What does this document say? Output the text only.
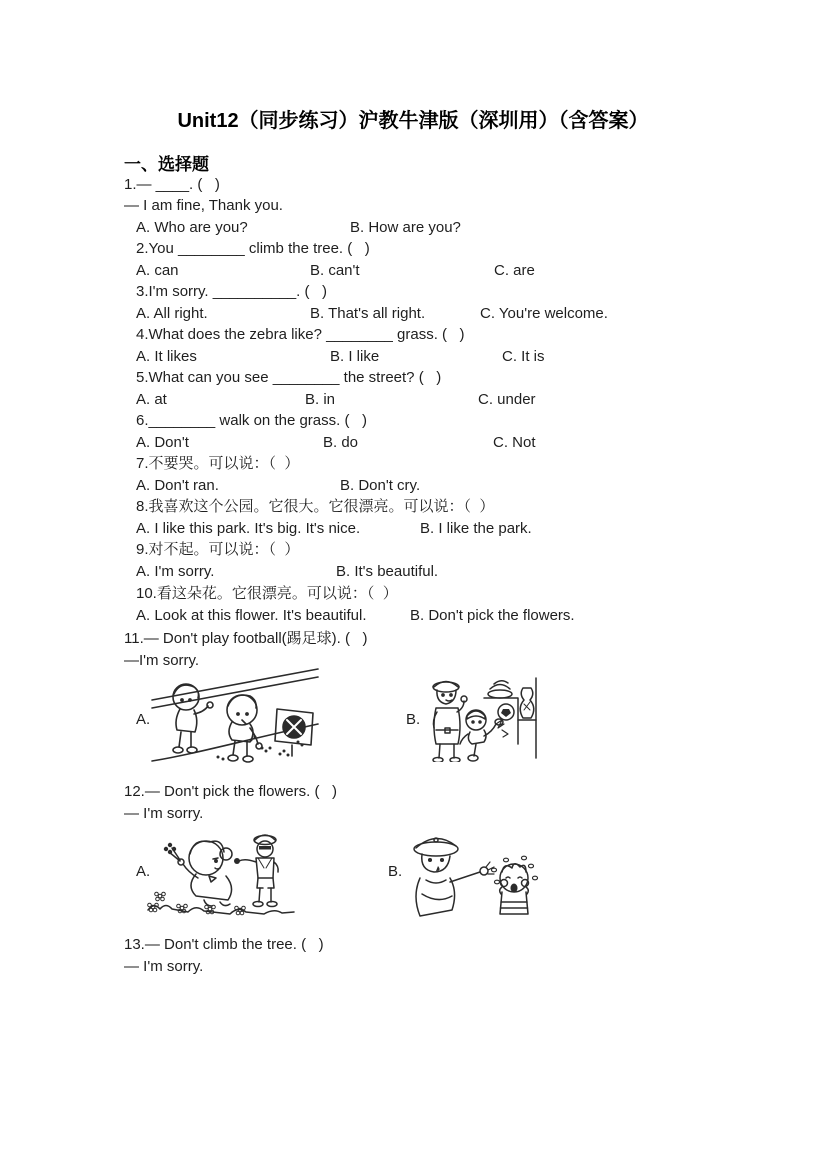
Unit12（同步练习）沪教牛津版（深圳用）（含答案）
一、选择题
1.— ____. (   )
— I am fine, Thank you.
A. Who are you?	B. How are you?
2.You ________ climb the tree. (   )
A. can	B. can't	C. are
3.I'm sorry. __________. (   )
A. All right.	B. That's all right.	C. You're welcome.
4.What does the zebra like? ________ grass. (   )
A. It likes	B. I like	C. It is
5.What can you see ________ the street? (   )
A. at	B. in	C. under
6.________ walk on the grass. (   )
A. Don't	B. do	C. Not
7.不要哭。可以说：（  ）
A. Don't ran.	B. Don't cry.
8.我喜欢这个公园。它很大。它很漂亮。可以说：（  ）
A. I like this park. It's big. It's nice.	B. I like the park.
9.对不起。可以说：（  ）
A. I'm sorry.	B. It's beautiful.
10.看这朵花。它很漂亮。可以说：（  ）
A. Look at this flower. It's beautiful.	B. Don't pick the flowers.
11.— Don't play football(踢足球). (   )
—I'm sorry.
12.— Don't pick the flowers. (   )
— I'm sorry.
13.— Don't climb the tree. (   )
— I'm sorry.
A.	B.
A.	B.
